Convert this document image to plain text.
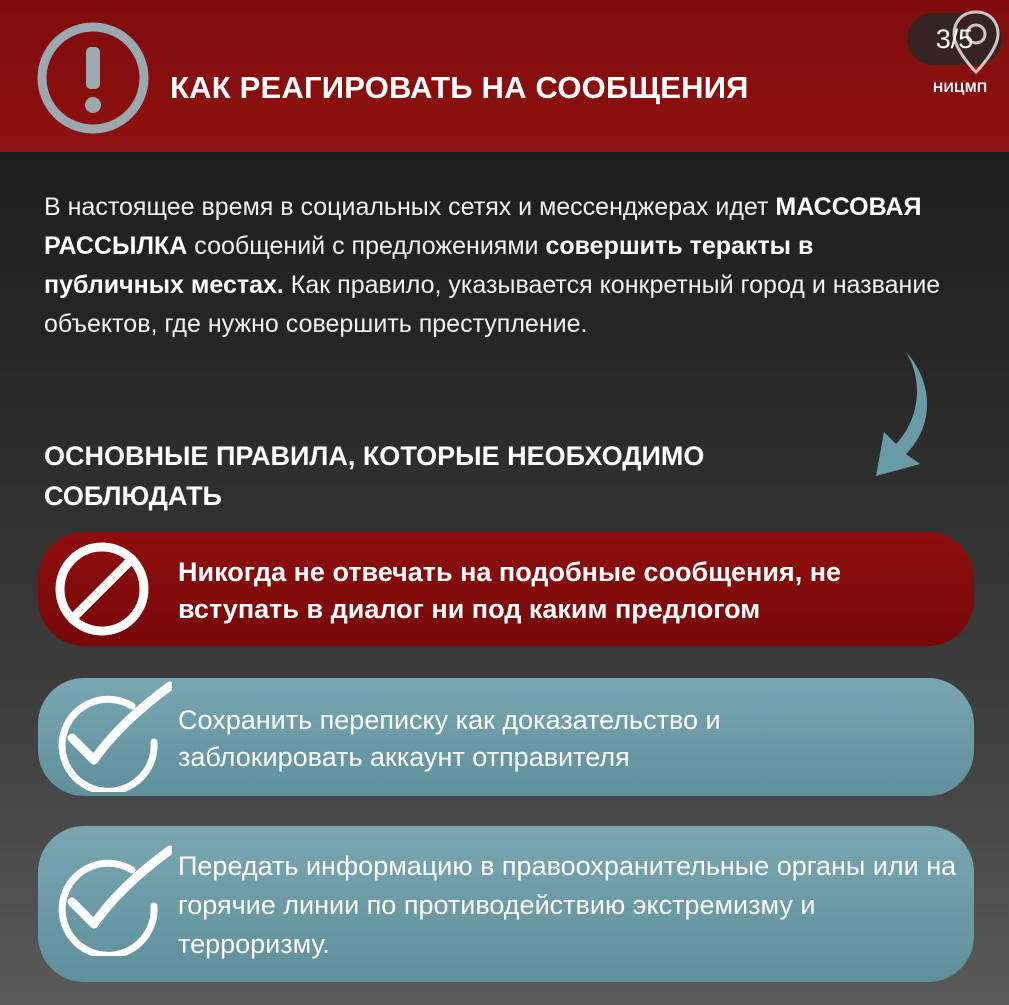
КАК РЕАГИРОВАТЬ НА СООБЩЕНИЯ
3/5
НИЦМП

В настоящее время в социальных сетях и мессенджерах идет МАССОВАЯ РАССЫЛКА сообщений с предложениями совершить теракты в публичных местах. Как правило, указывается конкретный город и название объектов, где нужно совершить преступление.

ОСНОВНЫЕ ПРАВИЛА, КОТОРЫЕ НЕОБХОДИМО СОБЛЮДАТЬ

Никогда не отвечать на подобные сообщения, не вступать в диалог ни под каким предлогом

Сохранить переписку как доказательство и заблокировать аккаунт отправителя

Передать информацию в правоохранительные органы или на горячие линии по противодействию экстремизму и терроризму.
